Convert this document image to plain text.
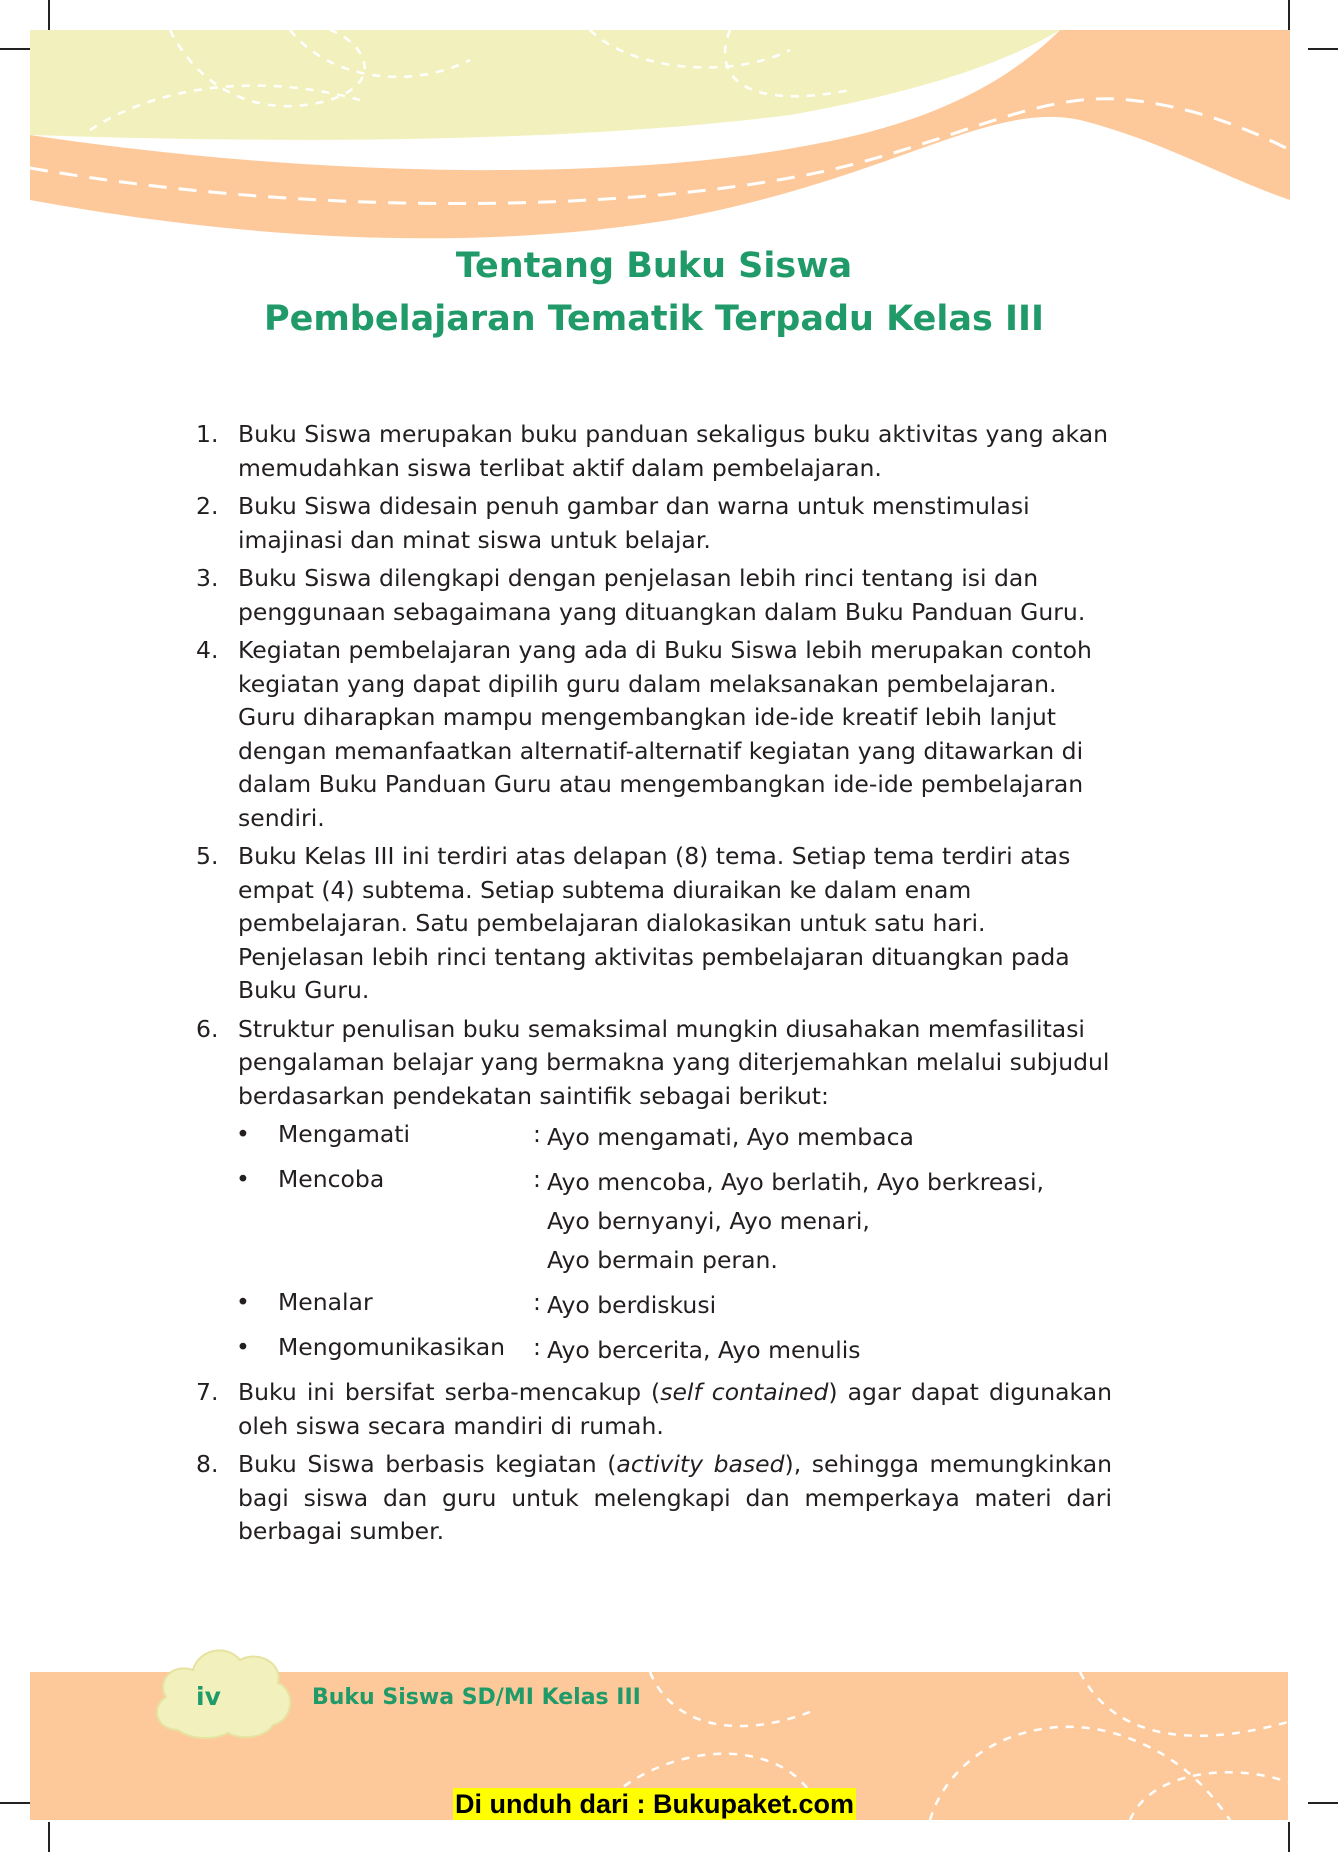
Tentang Buku Siswa
Pembelajaran Tematik Terpadu Kelas III
1. Buku Siswa merupakan buku panduan sekaligus buku aktivitas yang akan memudahkan siswa terlibat aktif dalam pembelajaran.
2. Buku Siswa didesain penuh gambar dan warna untuk menstimulasi imajinasi dan minat siswa untuk belajar.
3. Buku Siswa dilengkapi dengan penjelasan lebih rinci tentang isi dan penggunaan sebagaimana yang dituangkan dalam Buku Panduan Guru.
4. Kegiatan pembelajaran yang ada di Buku Siswa lebih merupakan contoh kegiatan yang dapat dipilih guru dalam melaksanakan pembelajaran. Guru diharapkan mampu mengembangkan ide-ide kreatif lebih lanjut dengan memanfaatkan alternatif-alternatif kegiatan yang ditawarkan di dalam Buku Panduan Guru atau mengembangkan ide-ide pembelajaran sendiri.
5. Buku Kelas III ini terdiri atas delapan (8) tema. Setiap tema terdiri atas empat (4) subtema. Setiap subtema diuraikan ke dalam enam pembelajaran. Satu pembelajaran dialokasikan untuk satu hari. Penjelasan lebih rinci tentang aktivitas pembelajaran dituangkan pada Buku Guru.
6. Struktur penulisan buku semaksimal mungkin diusahakan memfasilitasi pengalaman belajar yang bermakna yang diterjemahkan melalui subjudul berdasarkan pendekatan saintifik sebagai berikut:
•	Mengamati	: Ayo mengamati, Ayo membaca
•	Mencoba	: Ayo mencoba, Ayo berlatih, Ayo berkreasi,
Ayo bernyanyi, Ayo menari,
Ayo bermain peran.
•	Menalar	: Ayo berdiskusi
•	Mengomunikasikan	: Ayo bercerita, Ayo menulis
7. Buku ini bersifat serba-mencakup (self contained) agar dapat digunakan oleh siswa secara mandiri di rumah.
8. Buku Siswa berbasis kegiatan (activity based), sehingga memungkinkan bagi siswa dan guru untuk melengkapi dan memperkaya materi dari berbagai sumber.
iv	Buku Siswa SD/MI Kelas III
Di unduh dari : Bukupaket.com
